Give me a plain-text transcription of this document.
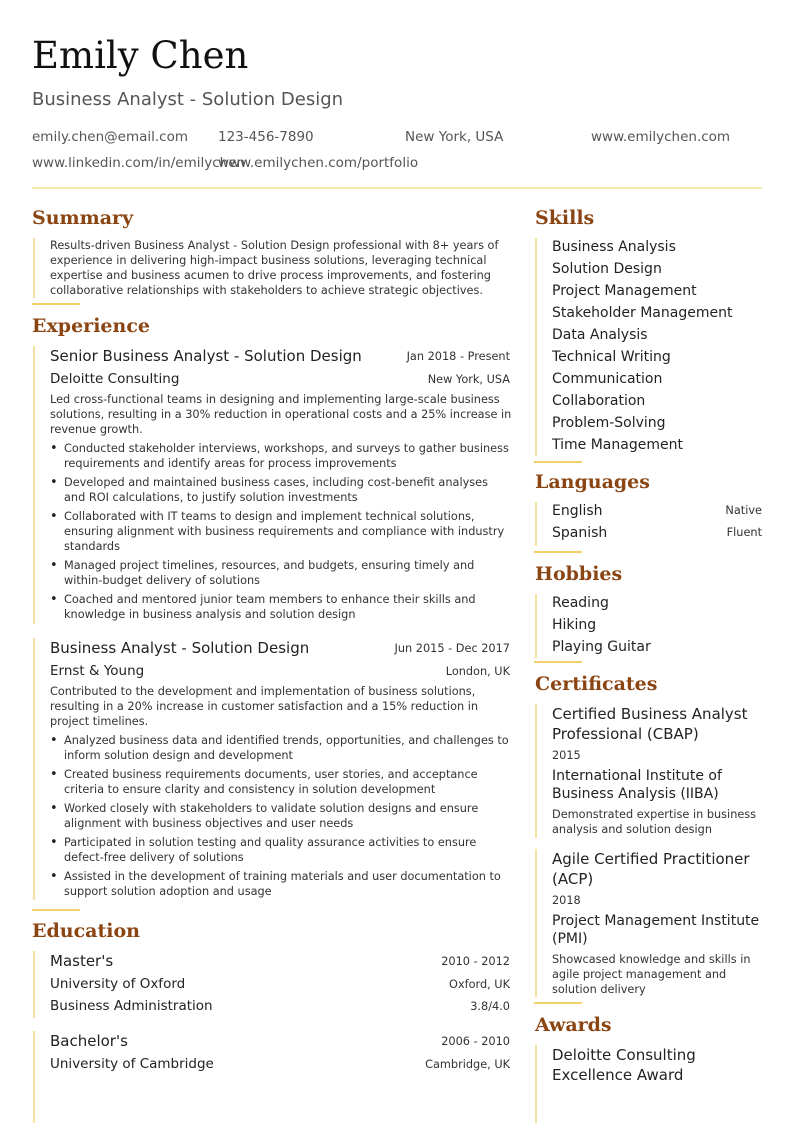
Emily Chen
Business Analyst - Solution Design
emily.chen@email.com 123-456-7890	New York, USA	www.emilychen.com
www.linkedin.com/in/emilychen
www.emilychen.com/portfolio
Summary
Results-driven Business Analyst - Solution Design professional with 8+ years of experience in delivering high-impact business solutions, leveraging technical expertise and business acumen to drive process improvements, and fostering collaborative relationships with stakeholders to achieve strategic objectives.
Experience
Senior Business Analyst - Solution Design	Jan 2018 - Present
Deloitte Consulting	New York, USA
Led cross-functional teams in designing and implementing large-scale business solutions, resulting in a 30% reduction in operational costs and a 25% increase in revenue growth.
• Conducted stakeholder interviews, workshops, and surveys to gather business requirements and identify areas for process improvements
• Developed and maintained business cases, including cost-benefit analyses and ROI calculations, to justify solution investments
• Collaborated with IT teams to design and implement technical solutions, ensuring alignment with business requirements and compliance with industry standards
• Managed project timelines, resources, and budgets, ensuring timely and within-budget delivery of solutions
• Coached and mentored junior team members to enhance their skills and knowledge in business analysis and solution design
Business Analyst - Solution Design	Jun 2015 - Dec 2017
Ernst & Young	London, UK
Contributed to the development and implementation of business solutions, resulting in a 20% increase in customer satisfaction and a 15% reduction in project timelines.
• Analyzed business data and identified trends, opportunities, and challenges to inform solution design and development
• Created business requirements documents, user stories, and acceptance criteria to ensure clarity and consistency in solution development
• Worked closely with stakeholders to validate solution designs and ensure alignment with business objectives and user needs
• Participated in solution testing and quality assurance activities to ensure defect-free delivery of solutions
• Assisted in the development of training materials and user documentation to support solution adoption and usage
Education
Master's	2010 - 2012
University of Oxford	Oxford, UK
Business Administration	3.8/4.0
Bachelor's	2006 - 2010
University of Cambridge	Cambridge, UK
Skills
Business Analysis
Solution Design
Project Management
Stakeholder Management
Data Analysis
Technical Writing
Communication
Collaboration
Problem-Solving
Time Management
Languages
English	Native
Spanish	Fluent
Hobbies
Reading
Hiking
Playing Guitar
Certificates
Certified Business Analyst Professional (CBAP)
2015
International Institute of Business Analysis (IIBA)
Demonstrated expertise in business analysis and solution design
Agile Certified Practitioner (ACP)
2018
Project Management Institute (PMI)
Showcased knowledge and skills in agile project management and solution delivery
Awards
Deloitte Consulting Excellence Award
